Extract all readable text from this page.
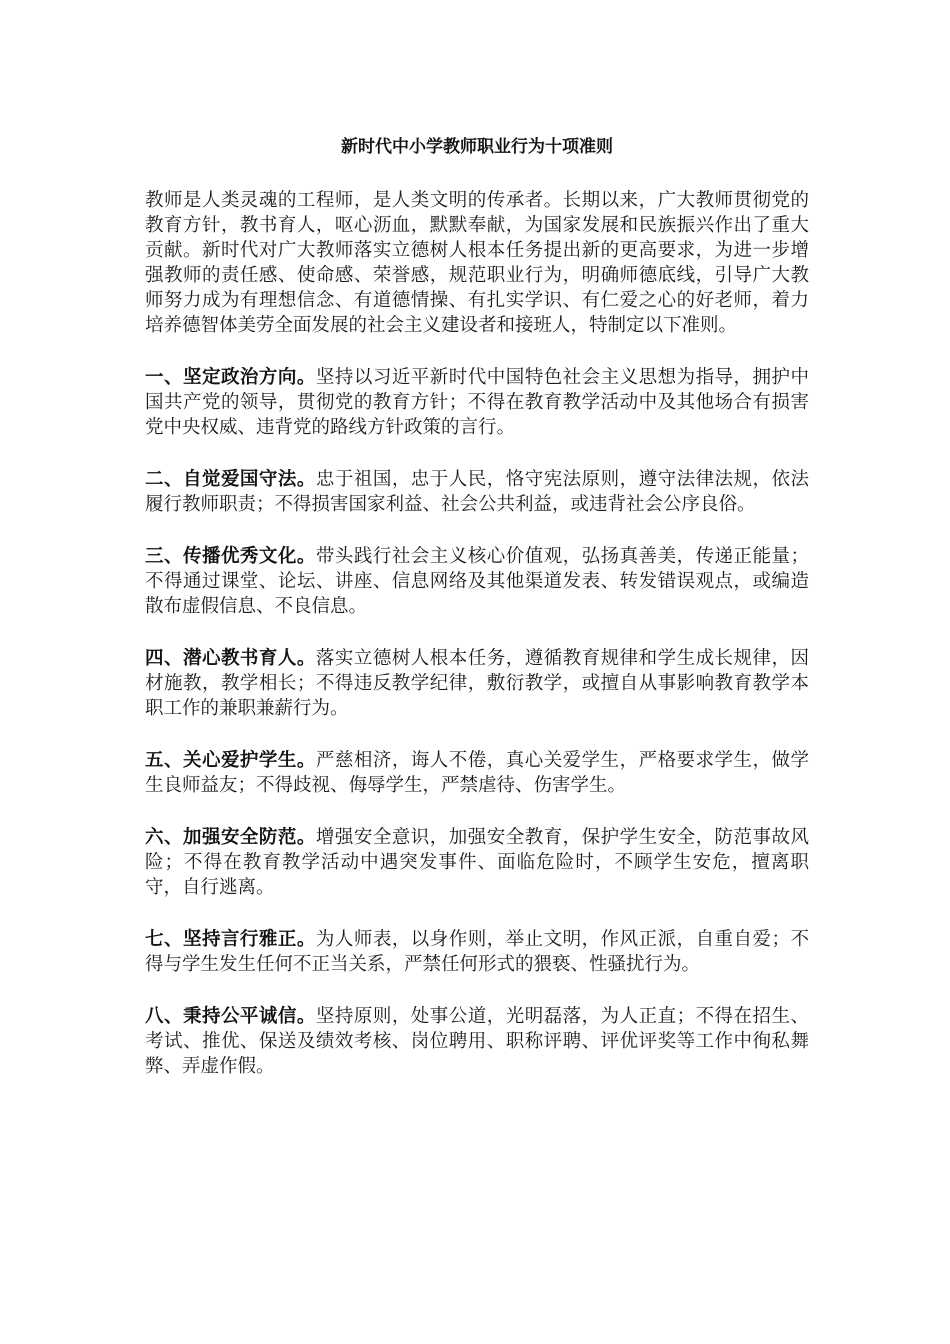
新时代中小学教师职业行为十项准则

教师是人类灵魂的工程师，是人类文明的传承者。长期以来，广大教师贯彻党的教育方针，教书育人，呕心沥血，默默奉献，为国家发展和民族振兴作出了重大贡献。新时代对广大教师落实立德树人根本任务提出新的更高要求，为进一步增强教师的责任感、使命感、荣誉感，规范职业行为，明确师德底线，引导广大教师努力成为有理想信念、有道德情操、有扎实学识、有仁爱之心的好老师，着力培养德智体美劳全面发展的社会主义建设者和接班人，特制定以下准则。

一、坚定政治方向。坚持以习近平新时代中国特色社会主义思想为指导，拥护中国共产党的领导，贯彻党的教育方针；不得在教育教学活动中及其他场合有损害党中央权威、违背党的路线方针政策的言行。

二、自觉爱国守法。忠于祖国，忠于人民，恪守宪法原则，遵守法律法规，依法履行教师职责；不得损害国家利益、社会公共利益，或违背社会公序良俗。

三、传播优秀文化。带头践行社会主义核心价值观，弘扬真善美，传递正能量；不得通过课堂、论坛、讲座、信息网络及其他渠道发表、转发错误观点，或编造散布虚假信息、不良信息。

四、潜心教书育人。落实立德树人根本任务，遵循教育规律和学生成长规律，因材施教，教学相长；不得违反教学纪律，敷衍教学，或擅自从事影响教育教学本职工作的兼职兼薪行为。

五、关心爱护学生。严慈相济，诲人不倦，真心关爱学生，严格要求学生，做学生良师益友；不得歧视、侮辱学生，严禁虐待、伤害学生。

六、加强安全防范。增强安全意识，加强安全教育，保护学生安全，防范事故风险；不得在教育教学活动中遇突发事件、面临危险时，不顾学生安危，擅离职守，自行逃离。

七、坚持言行雅正。为人师表，以身作则，举止文明，作风正派，自重自爱；不得与学生发生任何不正当关系，严禁任何形式的猥亵、性骚扰行为。

八、秉持公平诚信。坚持原则，处事公道，光明磊落，为人正直；不得在招生、考试、推优、保送及绩效考核、岗位聘用、职称评聘、评优评奖等工作中徇私舞弊、弄虚作假。
